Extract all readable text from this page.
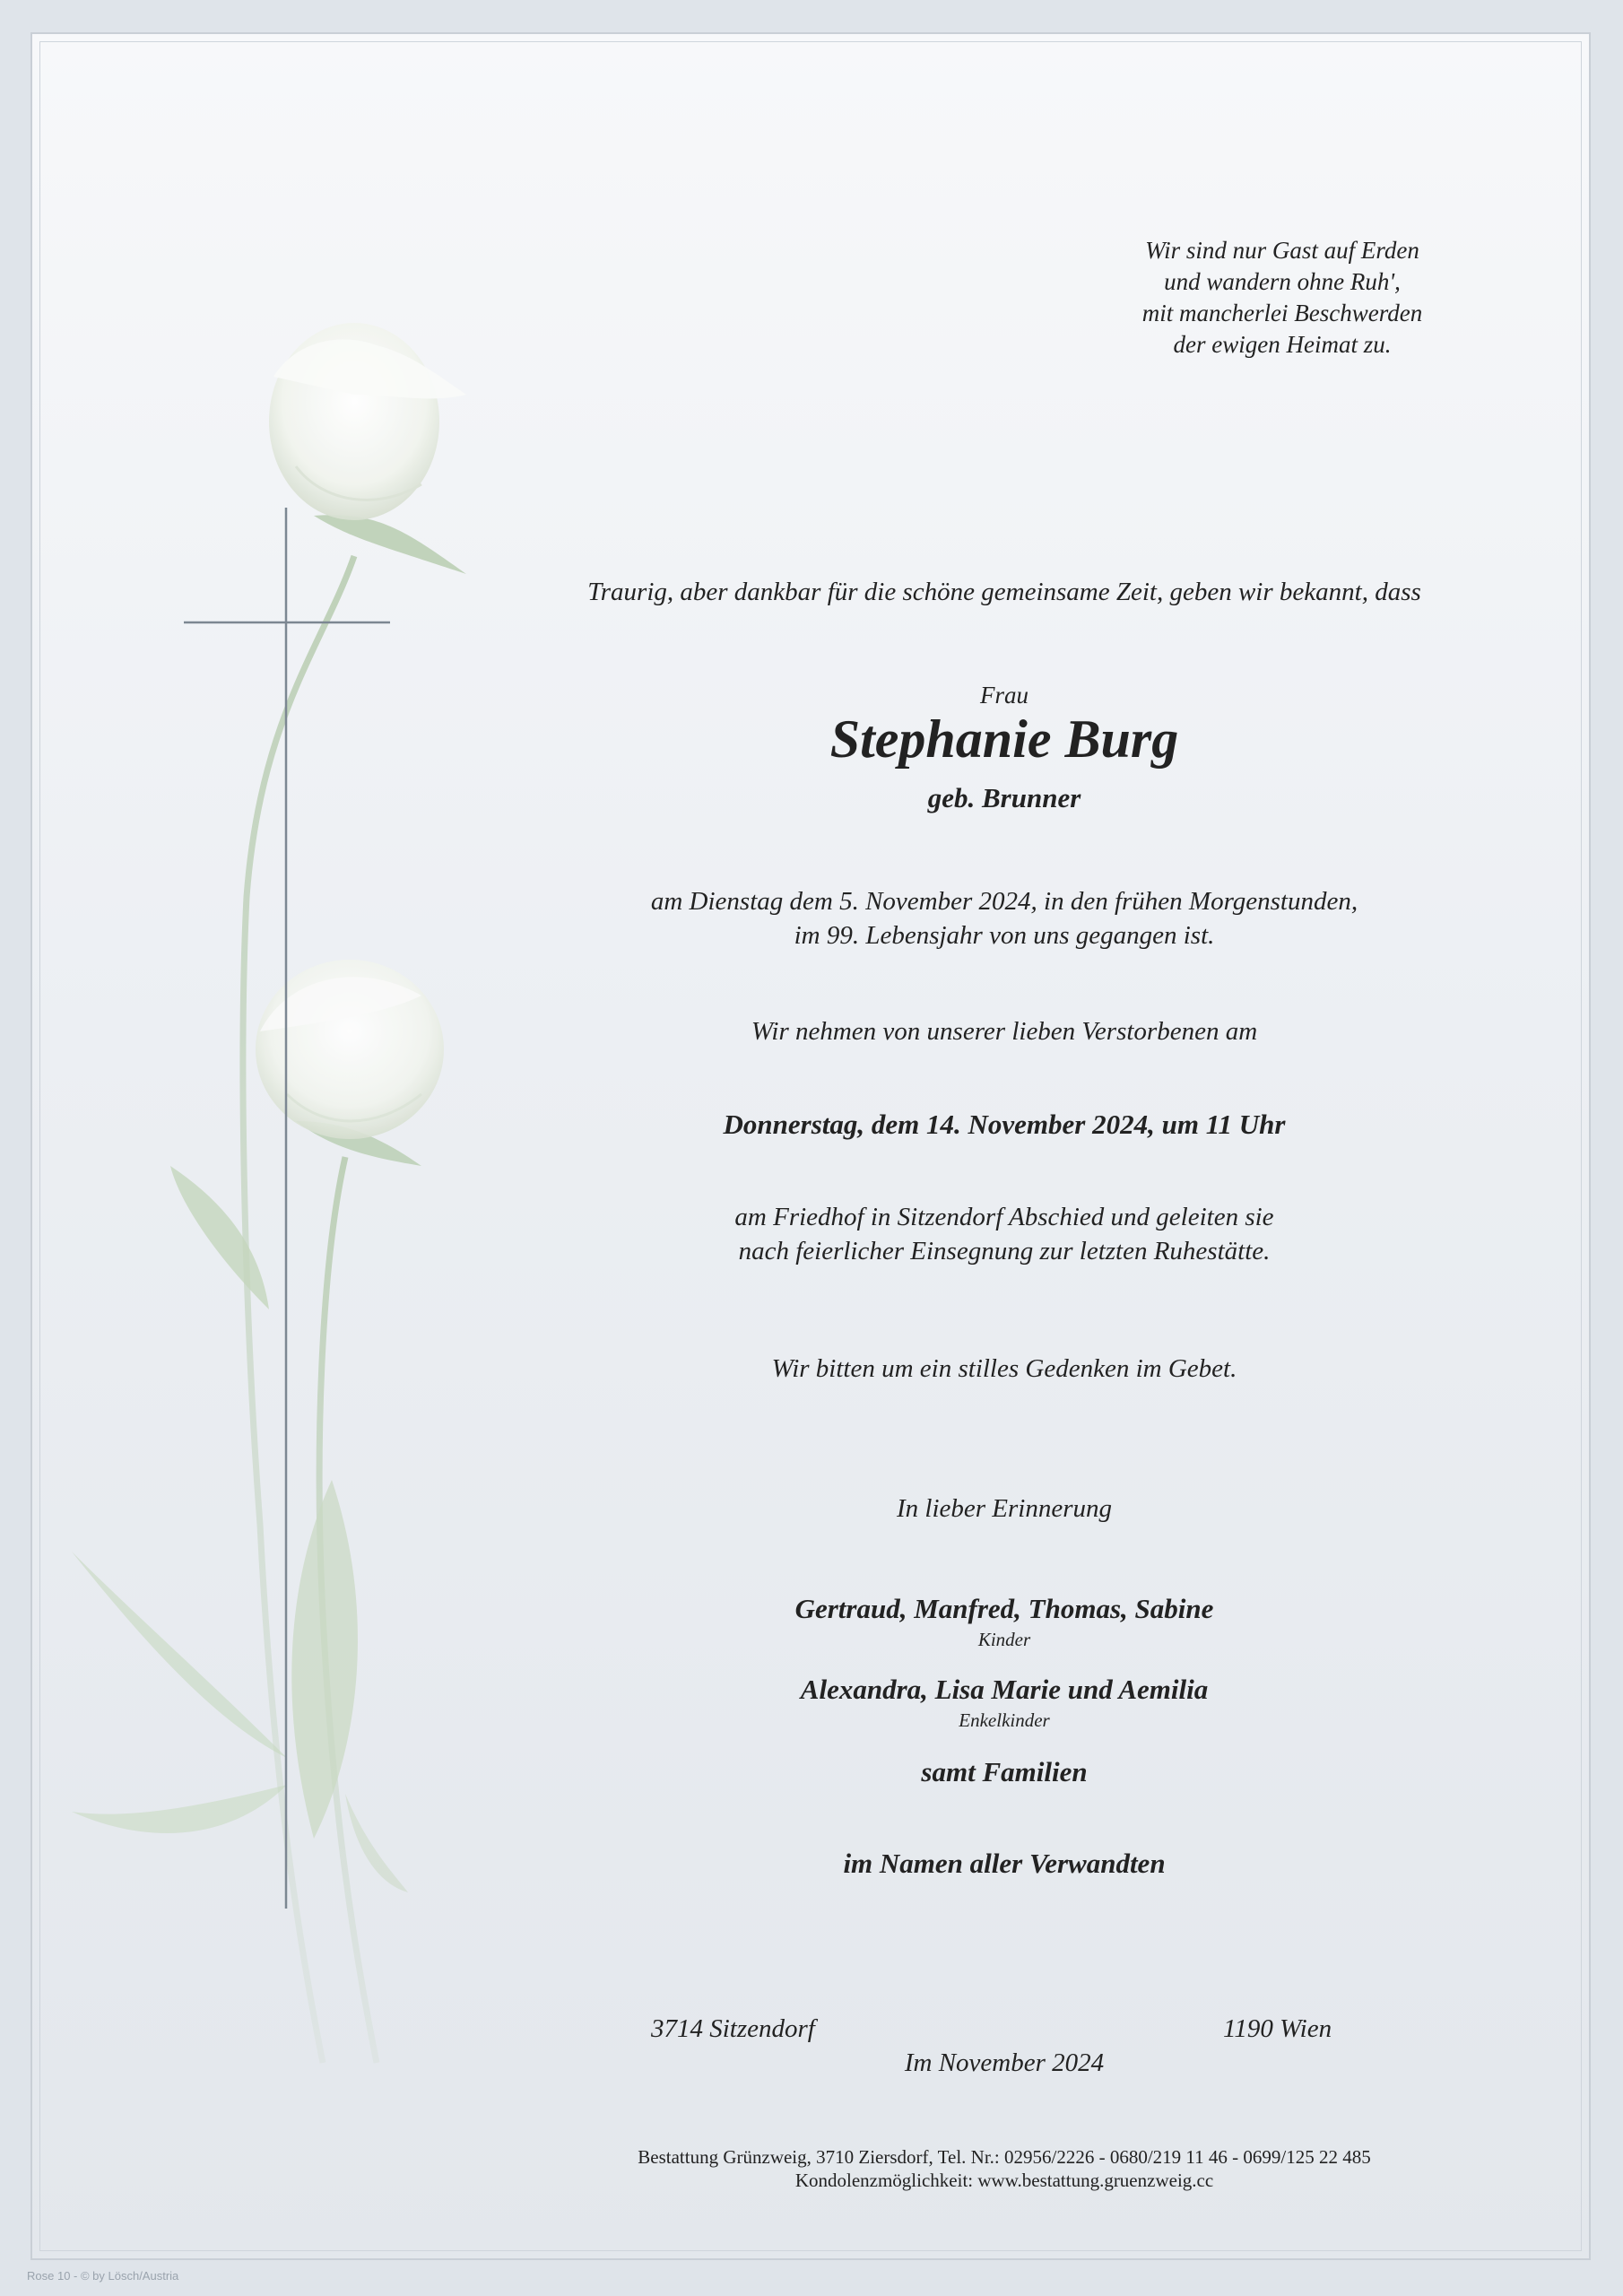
Wir sind nur Gast auf Erden
und wandern ohne Ruh',
mit mancherlei Beschwerden
der ewigen Heimat zu.
Traurig, aber dankbar für die schöne gemeinsame Zeit, geben wir bekannt, dass
Frau
Stephanie Burg
geb. Brunner
am Dienstag dem 5. November 2024, in den frühen Morgenstunden,
im 99. Lebensjahr von uns gegangen ist.
Wir nehmen von unserer lieben Verstorbenen am
Donnerstag, dem 14. November 2024, um 11 Uhr
am Friedhof in Sitzendorf Abschied und geleiten sie
nach feierlicher Einsegnung zur letzten Ruhestätte.
Wir bitten um ein stilles Gedenken im Gebet.
In lieber Erinnerung
Gertraud, Manfred, Thomas, Sabine
Kinder
Alexandra, Lisa Marie und Aemilia
Enkelkinder
samt Familien
im Namen aller Verwandten
3714 Sitzendorf	1190 Wien
Im November 2024
Bestattung Grünzweig, 3710 Ziersdorf, Tel. Nr.: 02956/2226 - 0680/219 11 46 - 0699/125 22 485
Kondolenzmöglichkeit: www.bestattung.gruenzweig.cc
Rose 10 - © by Lösch/Austria
